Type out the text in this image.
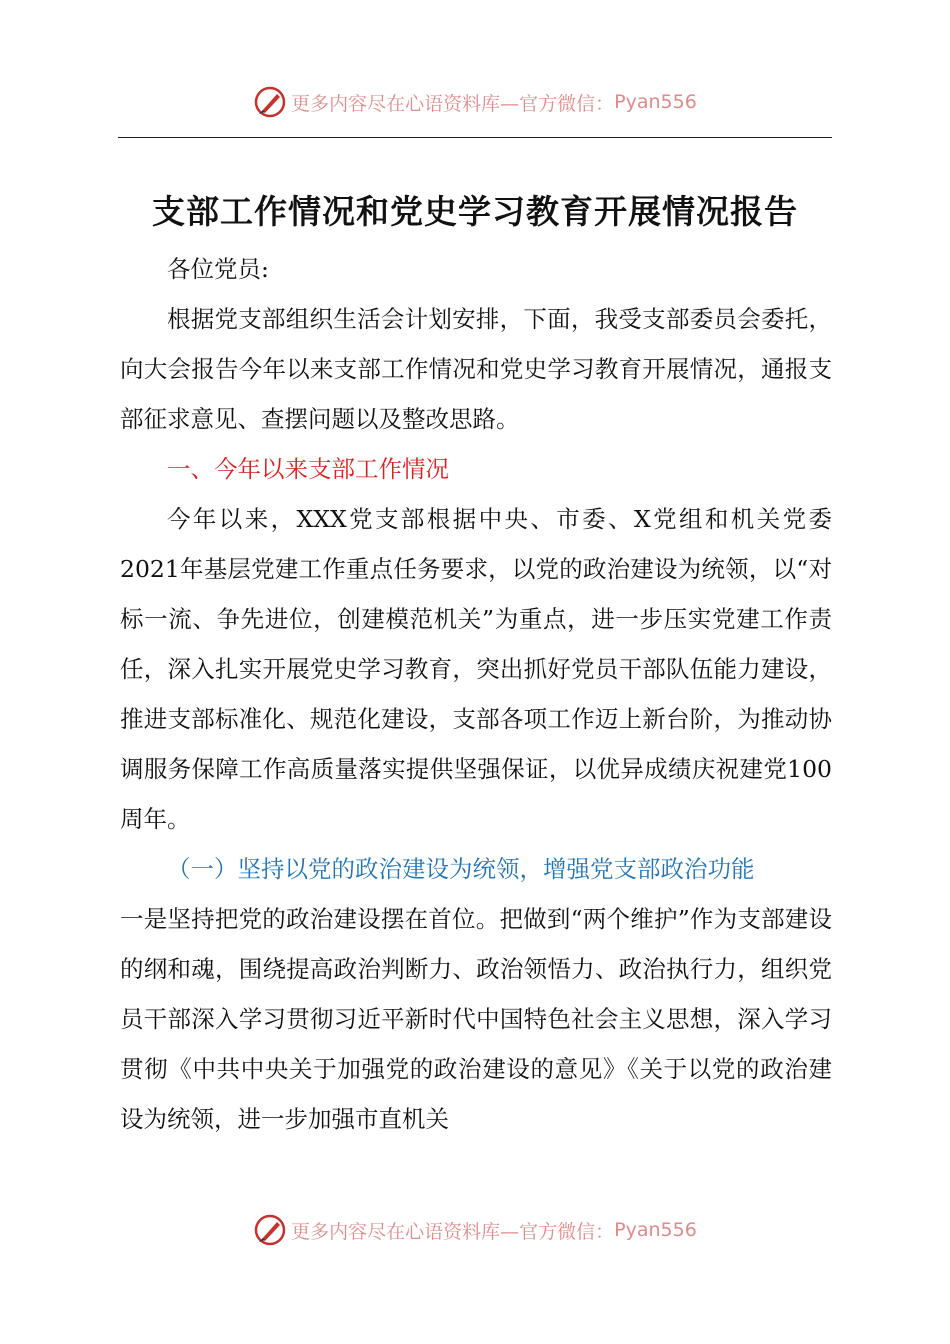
更多内容尽在心语资料库—官方微信： Pyan556
支部工作情况和党史学习教育开展情况报告

各位党员:

根据党支部组织生活会计划安排，下面，我受支部委员会委托，向大会报告今年以来支部工作情况和党史学习教育开展情况，通报支部征求意见、查摆问题以及整改思路。

一、今年以来支部工作情况

今年以来，XXX党支部根据中央、市委、X党组和机关党委2021年基层党建工作重点任务要求，以党的政治建设为统领，以“对标一流、争先进位，创建模范机关”为重点，进一步压实党建工作责任，深入扎实开展党史学习教育，突出抓好党员干部队伍能力建设，推进支部标准化、规范化建设，支部各项工作迈上新台阶，为推动协调服务保障工作高质量落实提供坚强保证，以优异成绩庆祝建党100周年。

（一）坚持以党的政治建设为统领，增强党支部政治功能

一是坚持把党的政治建设摆在首位。把做到“两个维护”作为支部建设的纲和魂，围绕提高政治判断力、政治领悟力、政治执行力，组织党员干部深入学习贯彻习近平新时代中国特色社会主义思想，深入学习贯彻《中共中央关于加强党的政治建设的意见》《关于以党的政治建设为统领，进一步加强市直机关

更多内容尽在心语资料库—官方微信： Pyan556
